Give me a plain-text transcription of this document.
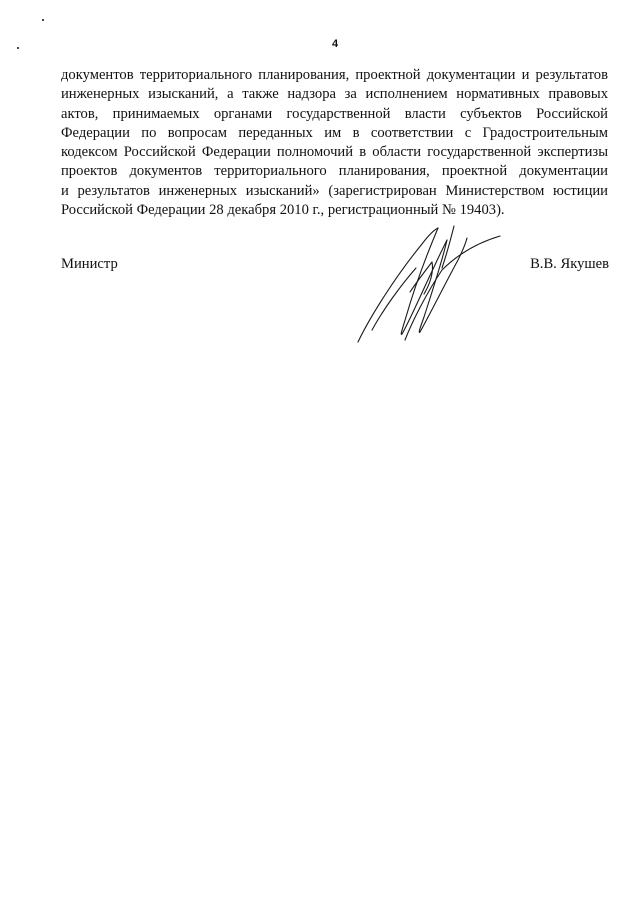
4
документов территориального планирования, проектной документации и результатов
инженерных изысканий, а также надзора за исполнением нормативных правовых
актов, принимаемых органами государственной власти субъектов Российской
Федерации по вопросам переданных им в соответствии с Градостроительным
кодексом Российской Федерации полномочий в области государственной экспертизы
проектов документов территориального планирования, проектной документации
и результатов инженерных изысканий» (зарегистрирован Министерством юстиции
Российской Федерации 28 декабря 2010 г., регистрационный № 19403).
Министр	В.В. Якушев
